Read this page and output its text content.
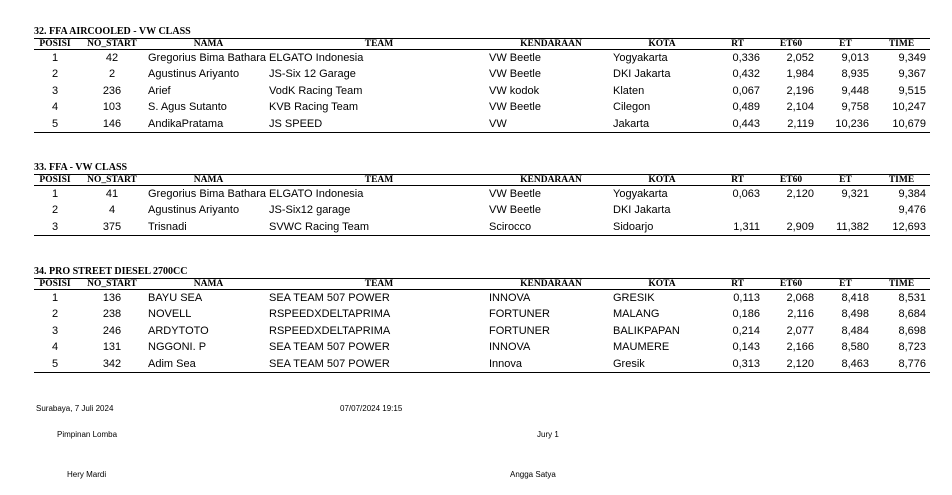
32. FFA AIRCOOLED - VW CLASS
POSISI	NO_START	NAMA	TEAM	KENDARAAN	KOTA	RT	ET60	ET	TIME
1	42	Gregorius Bima Bathara	ELGATO Indonesia	VW Beetle	Yogyakarta	0,336	2,052	9,013	9,349
2	2	Agustinus Ariyanto	JS-Six 12 Garage	VW Beetle	DKI Jakarta	0,432	1,984	8,935	9,367
3	236	Arief	VodK Racing Team	VW kodok	Klaten	0,067	2,196	9,448	9,515
4	103	S. Agus Sutanto	KVB Racing Team	VW Beetle	Cilegon	0,489	2,104	9,758	10,247
5	146	AndikaPratama	JS SPEED	VW	Jakarta	0,443	2,119	10,236	10,679
33. FFA - VW CLASS
POSISI	NO_START	NAMA	TEAM	KENDARAAN	KOTA	RT	ET60	ET	TIME
1	41	Gregorius Bima Bathara	ELGATO Indonesia	VW Beetle	Yogyakarta	0,063	2,120	9,321	9,384
2	4	Agustinus Ariyanto	JS-Six12 garage	VW Beetle	DKI Jakarta				9,476
3	375	Trisnadi	SVWC Racing Team	Scirocco	Sidoarjo	1,311	2,909	11,382	12,693
34. PRO STREET DIESEL 2700CC
POSISI	NO_START	NAMA	TEAM	KENDARAAN	KOTA	RT	ET60	ET	TIME
1	136	BAYU SEA	SEA TEAM 507 POWER	INNOVA	GRESIK	0,113	2,068	8,418	8,531
2	238	NOVELL	RSPEEDXDELTAPRIMA	FORTUNER	MALANG	0,186	2,116	8,498	8,684
3	246	ARDYTOTO	RSPEEDXDELTAPRIMA	FORTUNER	BALIKPAPAN	0,214	2,077	8,484	8,698
4	131	NGGONI. P	SEA TEAM 507 POWER	INNOVA	MAUMERE	0,143	2,166	8,580	8,723
5	342	Adim Sea	SEA TEAM 507 POWER	Innova	Gresik	0,313	2,120	8,463	8,776
Surabaya, 7 Juli 2024	07/07/2024 19:15
Pimpinan Lomba	Jury 1
Hery Mardi	Angga Satya
